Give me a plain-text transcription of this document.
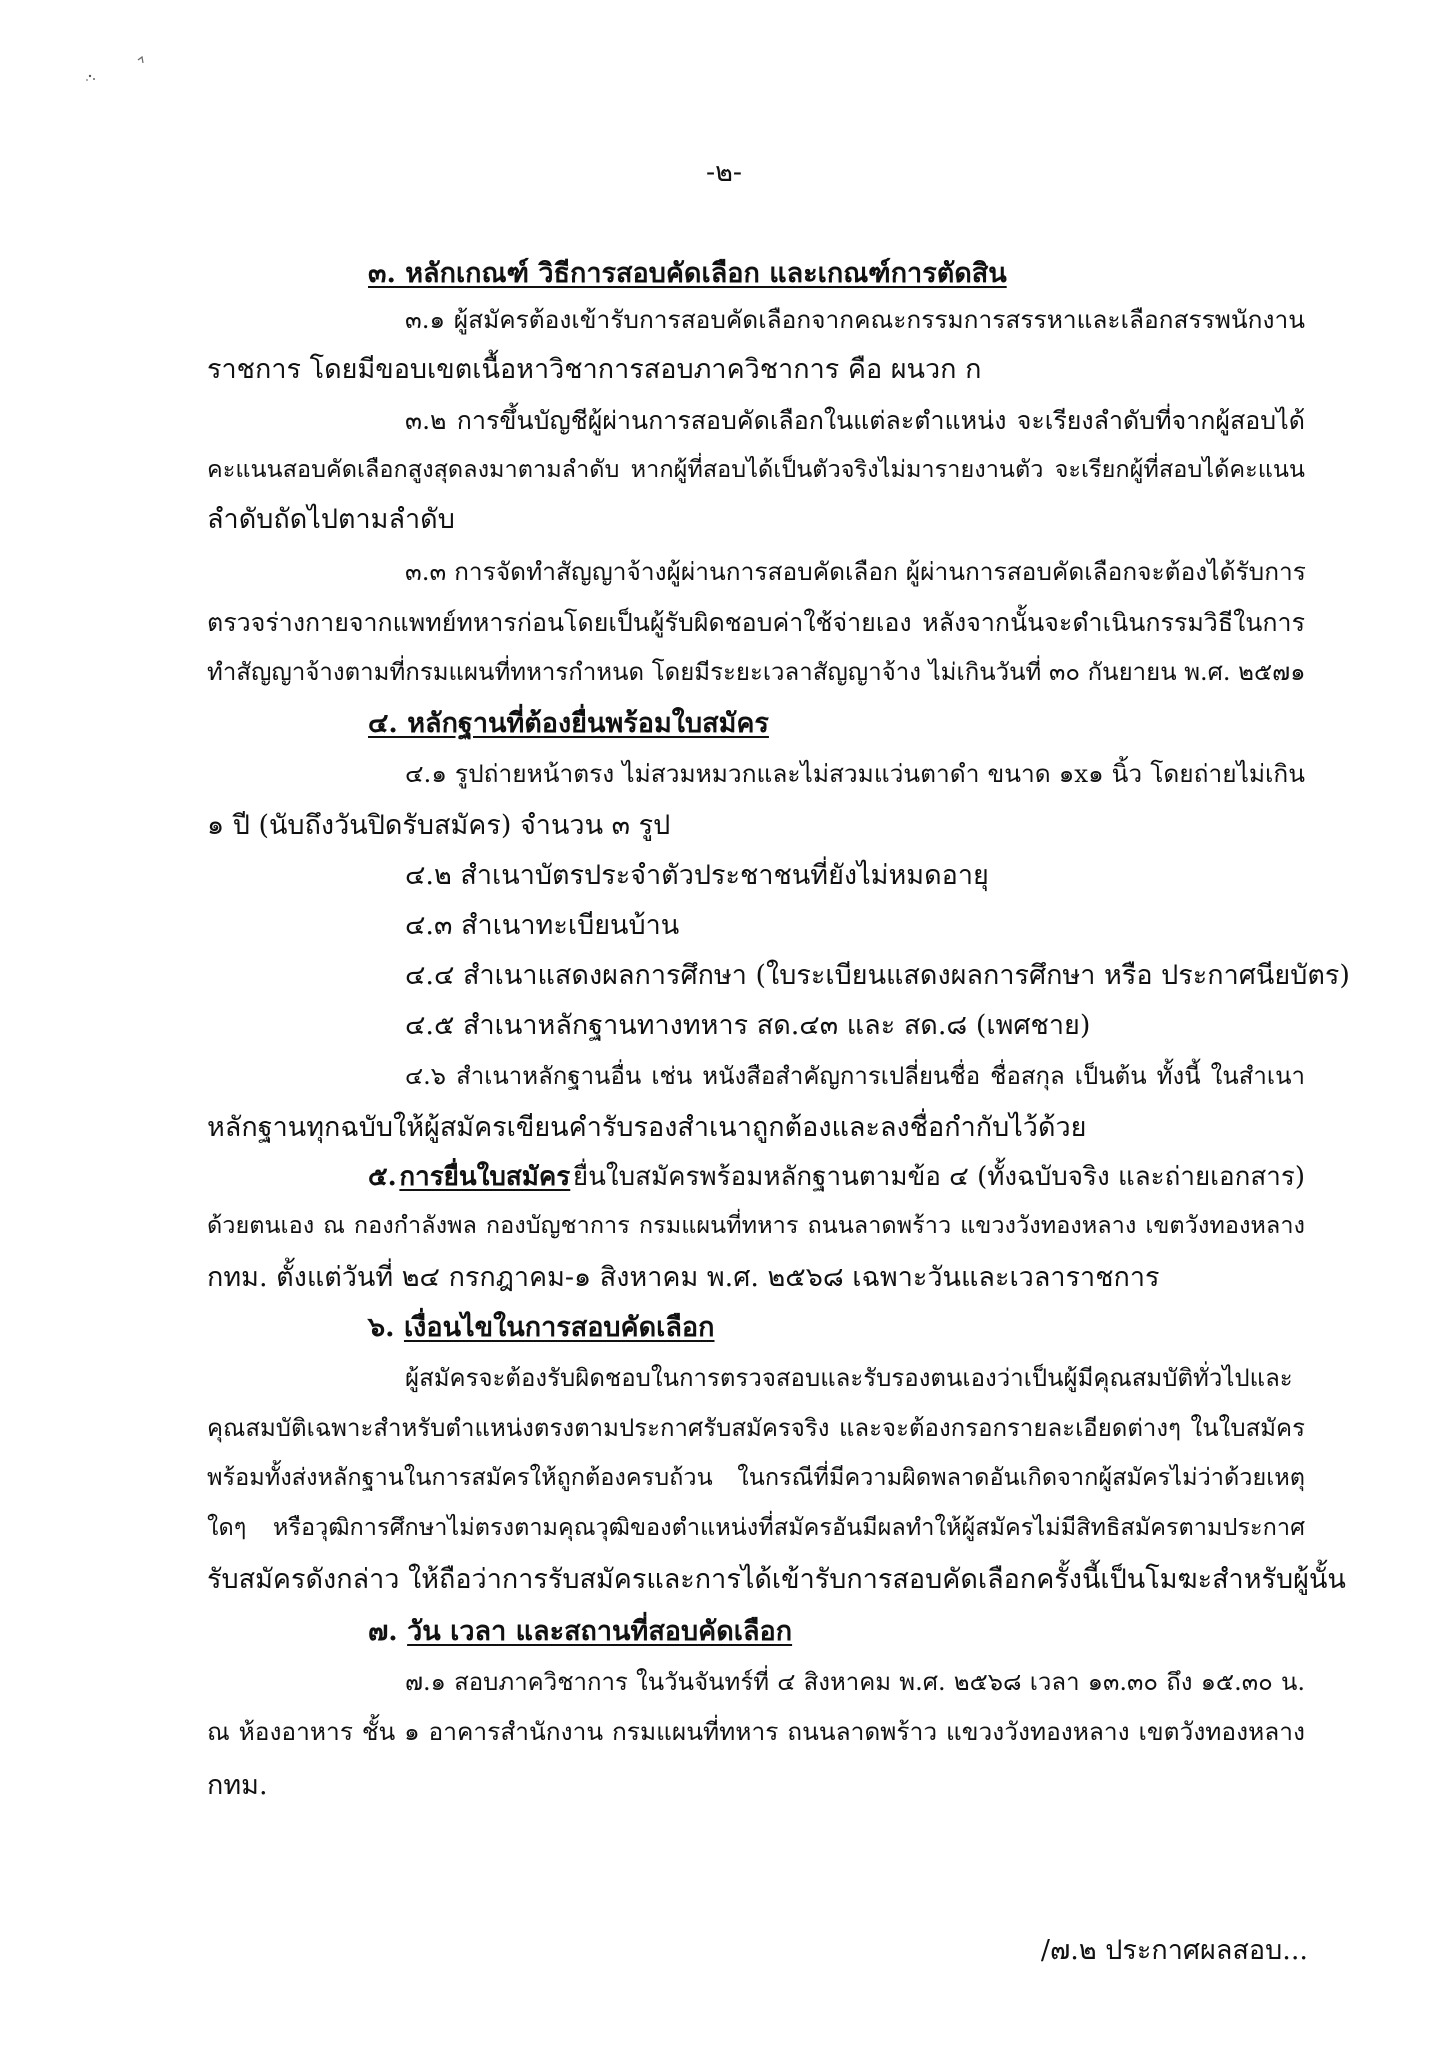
-๒-
๓. หลักเกณฑ์ วิธีการสอบคัดเลือก และเกณฑ์การตัดสิน
๓.๑ ผู้สมัครต้องเข้ารับการสอบคัดเลือกจากคณะกรรมการสรรหาและเลือกสรรพนักงาน
ราชการ โดยมีขอบเขตเนื้อหาวิชาการสอบภาควิชาการ คือ ผนวก ก
๓.๒ การขึ้นบัญชีผู้ผ่านการสอบคัดเลือกในแต่ละตำแหน่ง จะเรียงลำดับที่จากผู้สอบได้
คะแนนสอบคัดเลือกสูงสุดลงมาตามลำดับ หากผู้ที่สอบได้เป็นตัวจริงไม่มารายงานตัว จะเรียกผู้ที่สอบได้คะแนน
ลำดับถัดไปตามลำดับ
๓.๓ การจัดทำสัญญาจ้างผู้ผ่านการสอบคัดเลือก ผู้ผ่านการสอบคัดเลือกจะต้องได้รับการ
ตรวจร่างกายจากแพทย์ทหารก่อนโดยเป็นผู้รับผิดชอบค่าใช้จ่ายเอง หลังจากนั้นจะดำเนินกรรมวิธีในการ
ทำสัญญาจ้างตามที่กรมแผนที่ทหารกำหนด โดยมีระยะเวลาสัญญาจ้าง ไม่เกินวันที่ ๓๐ กันยายน พ.ศ. ๒๕๗๑
๔. หลักฐานที่ต้องยื่นพร้อมใบสมัคร
๔.๑ รูปถ่ายหน้าตรง ไม่สวมหมวกและไม่สวมแว่นตาดำ ขนาด ๑x๑ นิ้ว โดยถ่ายไม่เกิน
๑ ปี (นับถึงวันปิดรับสมัคร) จำนวน ๓ รูป
๔.๒ สำเนาบัตรประจำตัวประชาชนที่ยังไม่หมดอายุ
๔.๓ สำเนาทะเบียนบ้าน
๔.๔ สำเนาแสดงผลการศึกษา (ใบระเบียนแสดงผลการศึกษา หรือ ประกาศนียบัตร)
๔.๕ สำเนาหลักฐานทางทหาร สด.๔๓ และ สด.๘ (เพศชาย)
๔.๖ สำเนาหลักฐานอื่น เช่น หนังสือสำคัญการเปลี่ยนชื่อ ชื่อสกุล เป็นต้น ทั้งนี้ ในสำเนา
หลักฐานทุกฉบับให้ผู้สมัครเขียนคำรับรองสำเนาถูกต้องและลงชื่อกำกับไว้ด้วย
๕. การยื่นใบสมัคร ยื่นใบสมัครพร้อมหลักฐานตามข้อ ๔ (ทั้งฉบับจริง และถ่ายเอกสาร)
ด้วยตนเอง ณ กองกำลังพล กองบัญชาการ กรมแผนที่ทหาร ถนนลาดพร้าว แขวงวังทองหลาง เขตวังทองหลาง
กทม. ตั้งแต่วันที่ ๒๔ กรกฎาคม-๑ สิงหาคม พ.ศ. ๒๕๖๘ เฉพาะวันและเวลาราชการ
๖. เงื่อนไขในการสอบคัดเลือก
ผู้สมัครจะต้องรับผิดชอบในการตรวจสอบและรับรองตนเองว่าเป็นผู้มีคุณสมบัติทั่วไปและ
คุณสมบัติเฉพาะสำหรับตำแหน่งตรงตามประกาศรับสมัครจริง และจะต้องกรอกรายละเอียดต่างๆ ในใบสมัคร
พร้อมทั้งส่งหลักฐานในการสมัครให้ถูกต้องครบถ้วน ในกรณีที่มีความผิดพลาดอันเกิดจากผู้สมัครไม่ว่าด้วยเหตุ
ใดๆ หรือวุฒิการศึกษาไม่ตรงตามคุณวุฒิของตำแหน่งที่สมัครอันมีผลทำให้ผู้สมัครไม่มีสิทธิสมัครตามประกาศ
รับสมัครดังกล่าว ให้ถือว่าการรับสมัครและการได้เข้ารับการสอบคัดเลือกครั้งนี้เป็นโมฆะสำหรับผู้นั้น
๗. วัน เวลา และสถานที่สอบคัดเลือก
๗.๑ สอบภาควิชาการ ในวันจันทร์ที่ ๔ สิงหาคม พ.ศ. ๒๕๖๘ เวลา ๑๓.๓๐ ถึง ๑๕.๓๐ น.
ณ ห้องอาหาร ชั้น ๑ อาคารสำนักงาน กรมแผนที่ทหาร ถนนลาดพร้าว แขวงวังทองหลาง เขตวังทองหลาง
กทม.
/๗.๒ ประกาศผลสอบ...
